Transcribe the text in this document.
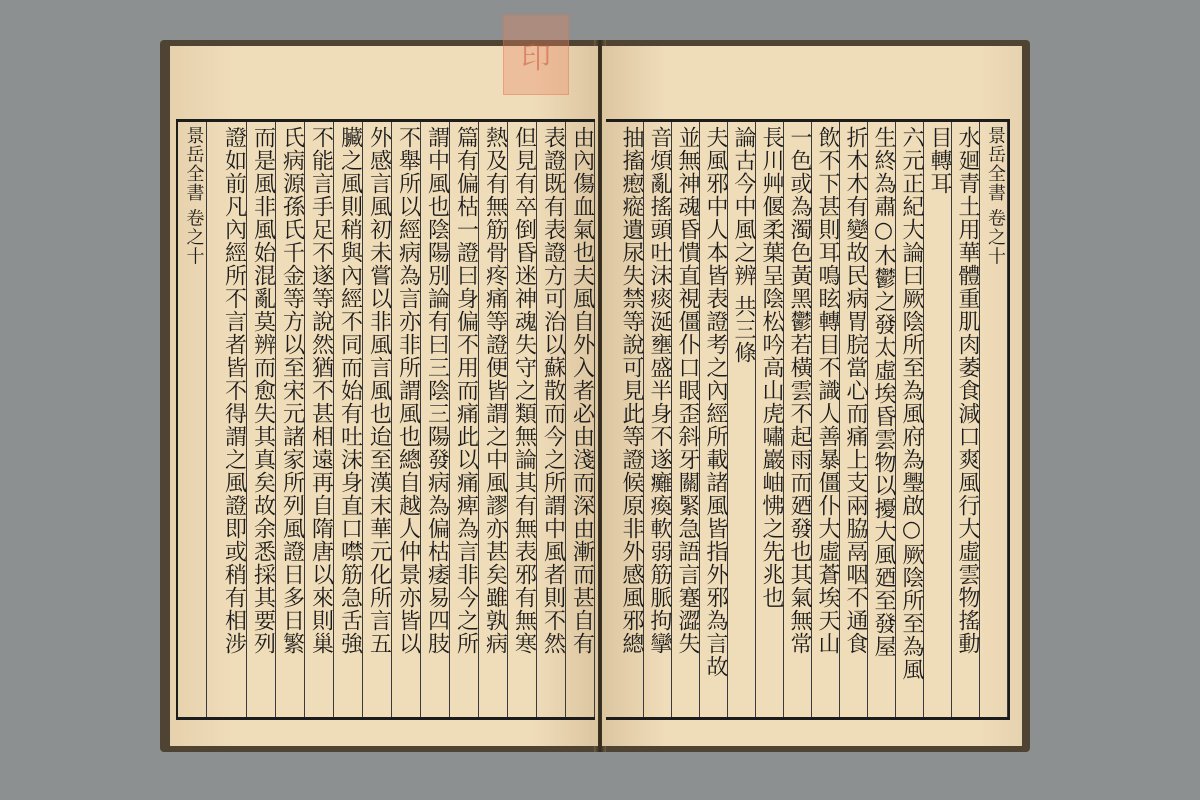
由內傷血氣也夫風自外入者必由淺而深由漸而甚自有
表證既有表證方可治以蘇散而今之所謂中風者則不然
但見有卒倒昏迷神魂失守之類無論其有無表邪有無寒
熱及有無筋骨疼痛等證便皆謂之中風謬亦甚矣雖孰病
篇有偏枯一證曰身偏不用而痛此以痛痺為言非今之所
謂中風也陰陽別論有曰三陰三陽發病為偏枯痿易四肢
不舉所以經病為言亦非所謂風也總自越人仲景亦皆以
外感言風初未嘗以非風言風也迨至漢末華元化所言五
臟之風則稍與內經不同而始有吐沫身直口噤筋急舌強
不能言手足不遂等說然猶不甚相遠再自隋唐以來則巢
氏病源孫氏千金等方以至宋元諸家所列風證日多日繁
而是風非風始混亂莫辨而愈失其真矣故余悉採其要列
證如前凡內經所不言者皆不得謂之風證即或稍有相涉
景岳全書 卷之十	景岳全書 卷之十
水廻青土用華體重肌肉萎食減口爽風行大虛雲物搖動
目轉耳
六元正紀大論曰厥陰所至為風府為璺啟○厥陰所至為風
生終為肅○木鬱之發太虛埃昏雲物以擾大風廼至發屋
折木木有變故民病胃脘當心而痛上支兩脇鬲咽不通食
飲不下甚則耳鳴眩轉目不識人善暴僵仆大虛蒼埃天山
一色或為濁色黃黑鬱若橫雲不起雨而廼發也其氣無常
長川艸偃柔葉呈陰松吟高山虎嘯巖岫怫之先兆也
論古今中風之辨 共三條
夫風邪中人本皆表證考之內經所載諸風皆指外邪為言故
並無神魂昏憒直視僵仆口眼歪斜牙關緊急語言蹇澀失
音煩亂搖頭吐沫痰涎壅盛半身不遂癱瘓軟弱筋脈拘攣
抽搐瘛瘲遺尿失禁等說可見此等證候原非外感風邪總
印
